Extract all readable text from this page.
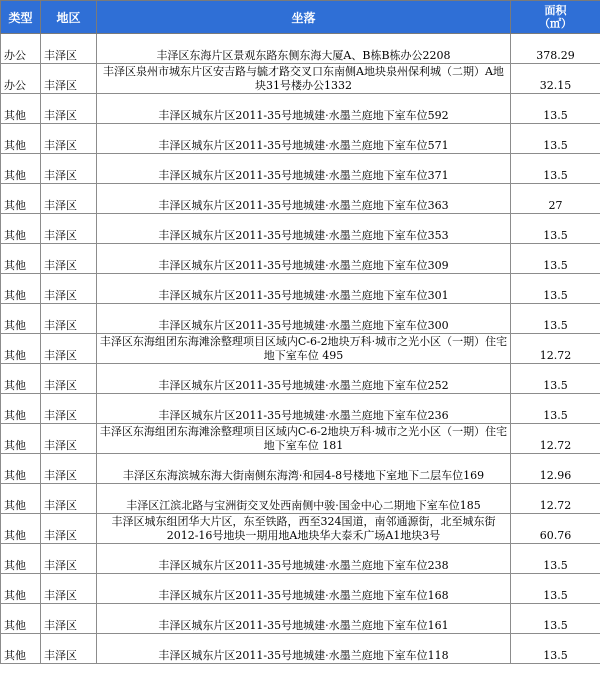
类型	地区	坐落	面积
（㎡）
办公	丰泽区	丰泽区东海片区景观东路东侧东海大厦A、B栋B栋办公2208	378.29
办公	丰泽区	丰泽区泉州市城东片区安吉路与毓才路交叉口东南侧A地块泉州保利城（二期）A地块31号楼办公1332	32.15
其他	丰泽区	丰泽区城东片区2011-35号地城建·水墨兰庭地下室车位592	13.5
其他	丰泽区	丰泽区城东片区2011-35号地城建·水墨兰庭地下室车位571	13.5
其他	丰泽区	丰泽区城东片区2011-35号地城建·水墨兰庭地下室车位371	13.5
其他	丰泽区	丰泽区城东片区2011-35号地城建·水墨兰庭地下室车位363	27
其他	丰泽区	丰泽区城东片区2011-35号地城建·水墨兰庭地下室车位353	13.5
其他	丰泽区	丰泽区城东片区2011-35号地城建·水墨兰庭地下室车位309	13.5
其他	丰泽区	丰泽区城东片区2011-35号地城建·水墨兰庭地下室车位301	13.5
其他	丰泽区	丰泽区城东片区2011-35号地城建·水墨兰庭地下室车位300	13.5
其他	丰泽区	丰泽区东海组团东海滩涂整理项目区域内C-6-2地块万科·城市之光小区（一期）住宅地下室车位 495	12.72
其他	丰泽区	丰泽区城东片区2011-35号地城建·水墨兰庭地下室车位252	13.5
其他	丰泽区	丰泽区城东片区2011-35号地城建·水墨兰庭地下室车位236	13.5
其他	丰泽区	丰泽区东海组团东海滩涂整理项目区域内C-6-2地块万科·城市之光小区（一期）住宅地下室车位 181	12.72
其他	丰泽区	丰泽区东海滨城东海大街南侧东海湾·和园4-8号楼地下室地下二层车位169	12.96
其他	丰泽区	丰泽区江滨北路与宝洲街交叉处西南侧中骏·国金中心二期地下室车位185	12.72
其他	丰泽区	丰泽区城东组团华大片区，东至铁路，西至324国道，南邻通源街，北至城东街2012-16号地块一期用地A地块华大泰禾广场A1地块3号	60.76
其他	丰泽区	丰泽区城东片区2011-35号地城建·水墨兰庭地下室车位238	13.5
其他	丰泽区	丰泽区城东片区2011-35号地城建·水墨兰庭地下室车位168	13.5
其他	丰泽区	丰泽区城东片区2011-35号地城建·水墨兰庭地下室车位161	13.5
其他	丰泽区	丰泽区城东片区2011-35号地城建·水墨兰庭地下室车位118	13.5
